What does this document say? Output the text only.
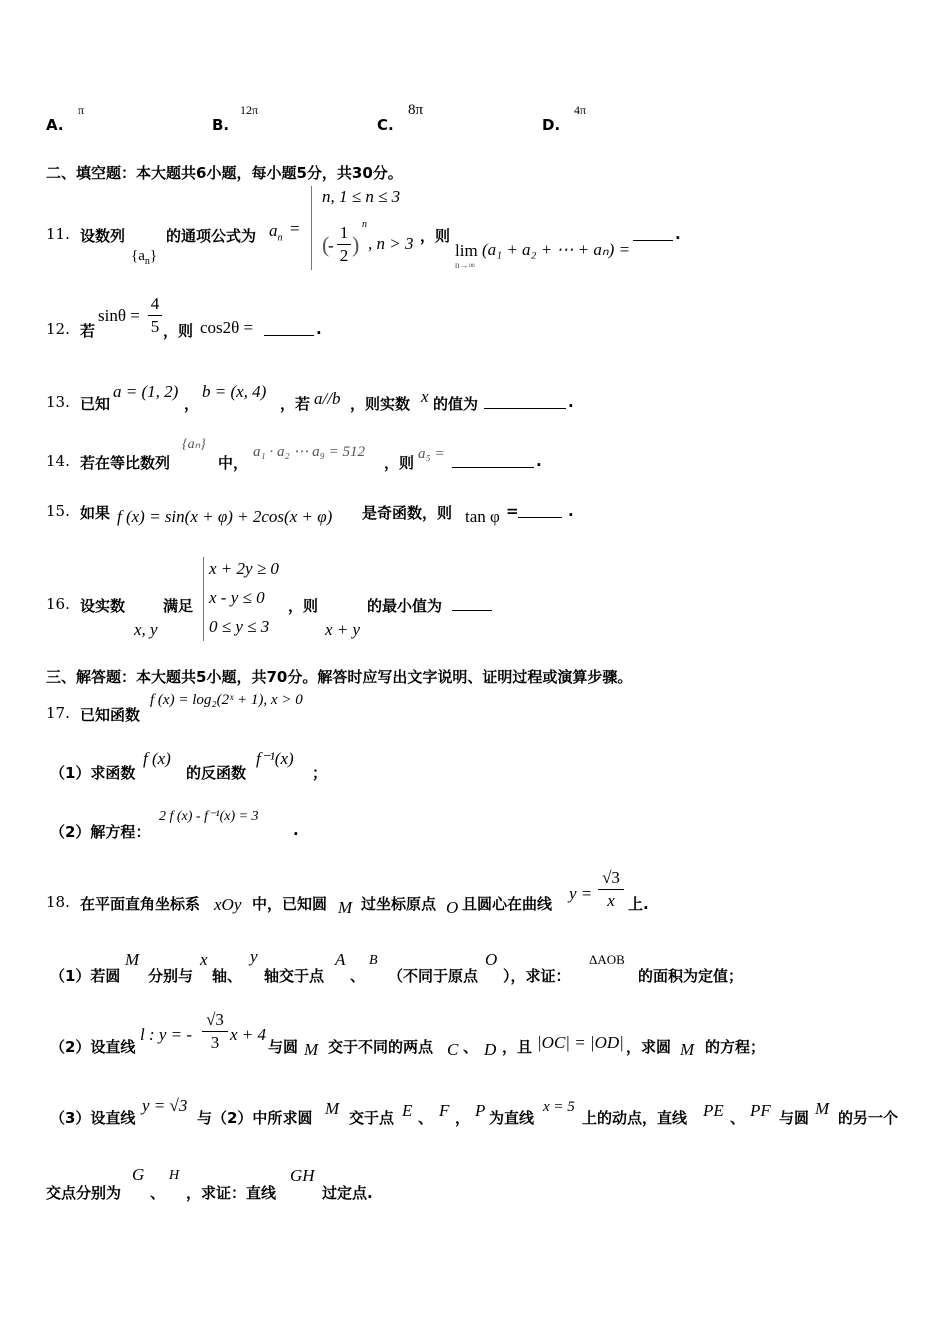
A.
π
B.
12π
C.
8π
D.
4π
二、填空题：本大题共6小题，每小题5分，共30分。
11. 设数列
$\{a_n\}$
的通项公式为 $a_n$ =
n, 1 ≤ n ≤ 3
(
-
1
2 )
n
, n > 3 ，则
lim
n→∞
(a₁ + a₂ + ⋯ + aₙ) =
.
12. 若
sinθ =
4
5 ，则 cos2θ =	.
13. 已知
a = (1, 2)
，
b = (x, 4)
，若 a//b ，则实数 x 的值为	.
14. 若在等比数列
{aₙ}
中，
a₁ · a₂ ⋯ a₉ = 512
，则 a₅ =	.
15. 如果 f (x) = sin(x + φ) + 2cos(x + φ) 是奇函数，则 tan φ =	.
16. 设实数
x, y
满足
x + 2y ≥ 0
x - y ≤ 0
0 ≤ y ≤ 3
，则
x + y
的最小值为
三、解答题：本大题共5小题，共70分。解答时应写出文字说明、证明过程或演算步骤。
17. 已知函数
f (x) = log₂(2ˣ + 1), x > 0
（1）求函数
f (x)
的反函数
f⁻¹(x)
；
（2）解方程：
2 f (x) - f⁻¹(x) = 3
.
18. 在平面直角坐标系 xOy 中，已知圆 M 过坐标原点 O 且圆心在曲线
y =
√3
x 上.
（1）若圆
M
分别与
x
轴、
y
轴交于点
A
、
B
（不同于原点
O
），求证：
ΔAOB
的面积为定值；
（2）设直线
l : y = -
√3
3 x + 4
与圆 M 交于不同的两点 C 、 D ，且 |OC| = |OD| ，求圆 M 的方程；
（3）设直线
y = √3
与（2）中所求圆 M 交于点 E 、 F ， P 为直线
x = 5
上的动点，直线 PE 、 PF 与圆 M 的另一个
交点分别为
G
、
H
，求证：直线
GH
过定点.
